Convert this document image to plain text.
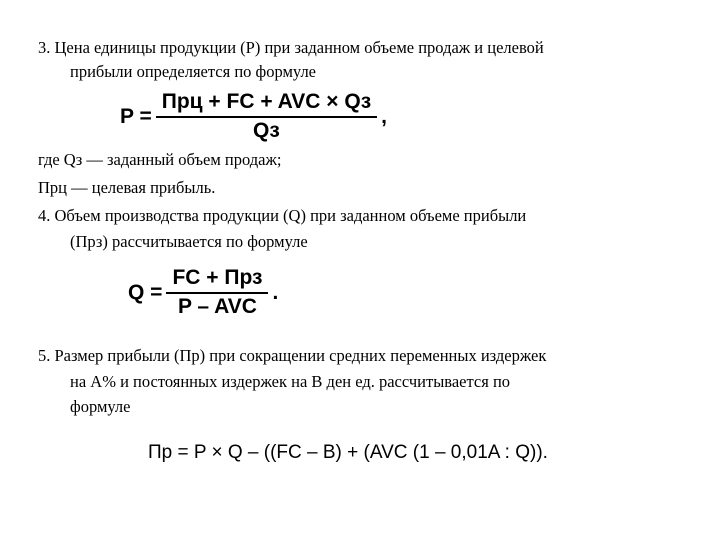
3. Цена единицы продукции (Р) при заданном объеме продаж и целевой
прибыли определяется по формуле
$P = \frac{\text{Прц + FC + AVC × Qз}}{Qз}$ ,
где Qз — заданный объем продаж;
Прц — целевая прибыль.
4. Объем производства продукции (Q) при заданном объеме прибыли
(Прз) рассчитывается по формуле
$Q = \frac{\text{FC + Прз}}{\text{P – AVC}}$ .
5. Размер прибыли (Пр) при сокращении средних переменных издержек
на А% и постоянных издержек на В ден ед. рассчитывается по
формуле
Пр = P × Q – ((FC – B) + (AVC (1 – 0,01A : Q)).
